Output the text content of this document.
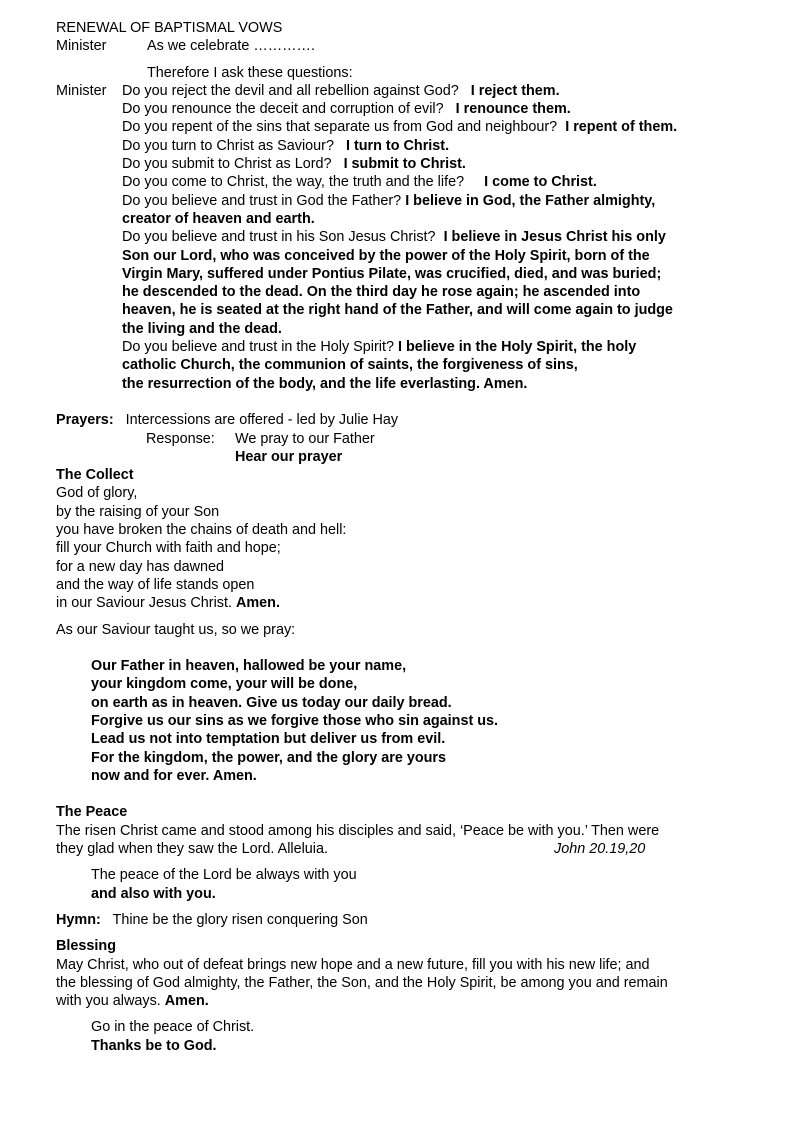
RENEWAL OF BAPTISMAL VOWS
Minister	As we celebrate ………….
Therefore I ask these questions:
Minister Do you reject the devil and all rebellion against God? I reject them.
Do you renounce the deceit and corruption of evil? I renounce them.
Do you repent of the sins that separate us from God and neighbour? I repent of them.
Do you turn to Christ as Saviour? I turn to Christ.
Do you submit to Christ as Lord? I submit to Christ.
Do you come to Christ, the way, the truth and the life? I come to Christ.
Do you believe and trust in God the Father? I believe in God, the Father almighty,
creator of heaven and earth.
Do you believe and trust in his Son Jesus Christ? I believe in Jesus Christ his only
Son our Lord, who was conceived by the power of the Holy Spirit, born of the
Virgin Mary, suffered under Pontius Pilate, was crucified, died, and was buried;
he descended to the dead. On the third day he rose again; he ascended into
heaven, he is seated at the right hand of the Father, and will come again to judge
the living and the dead.
Do you believe and trust in the Holy Spirit? I believe in the Holy Spirit, the holy
catholic Church, the communion of saints, the forgiveness of sins,
the resurrection of the body, and the life everlasting. Amen.
Prayers: Intercessions are offered - led by Julie Hay
Response: We pray to our Father
Hear our prayer
The Collect
God of glory,
by the raising of your Son
you have broken the chains of death and hell:
fill your Church with faith and hope;
for a new day has dawned
and the way of life stands open
in our Saviour Jesus Christ. Amen.
As our Saviour taught us, so we pray:
Our Father in heaven, hallowed be your name,
your kingdom come, your will be done,
on earth as in heaven. Give us today our daily bread.
Forgive us our sins as we forgive those who sin against us.
Lead us not into temptation but deliver us from evil.
For the kingdom, the power, and the glory are yours
now and for ever. Amen.
The Peace
The risen Christ came and stood among his disciples and said, ‘Peace be with you.’ Then were
they glad when they saw the Lord. Alleluia.	John 20.19,20
The peace of the Lord be always with you
and also with you.
Hymn: Thine be the glory risen conquering Son
Blessing
May Christ, who out of defeat brings new hope and a new future, fill you with his new life; and
the blessing of God almighty, the Father, the Son, and the Holy Spirit, be among you and remain
with you always. Amen.
Go in the peace of Christ.
Thanks be to God.
